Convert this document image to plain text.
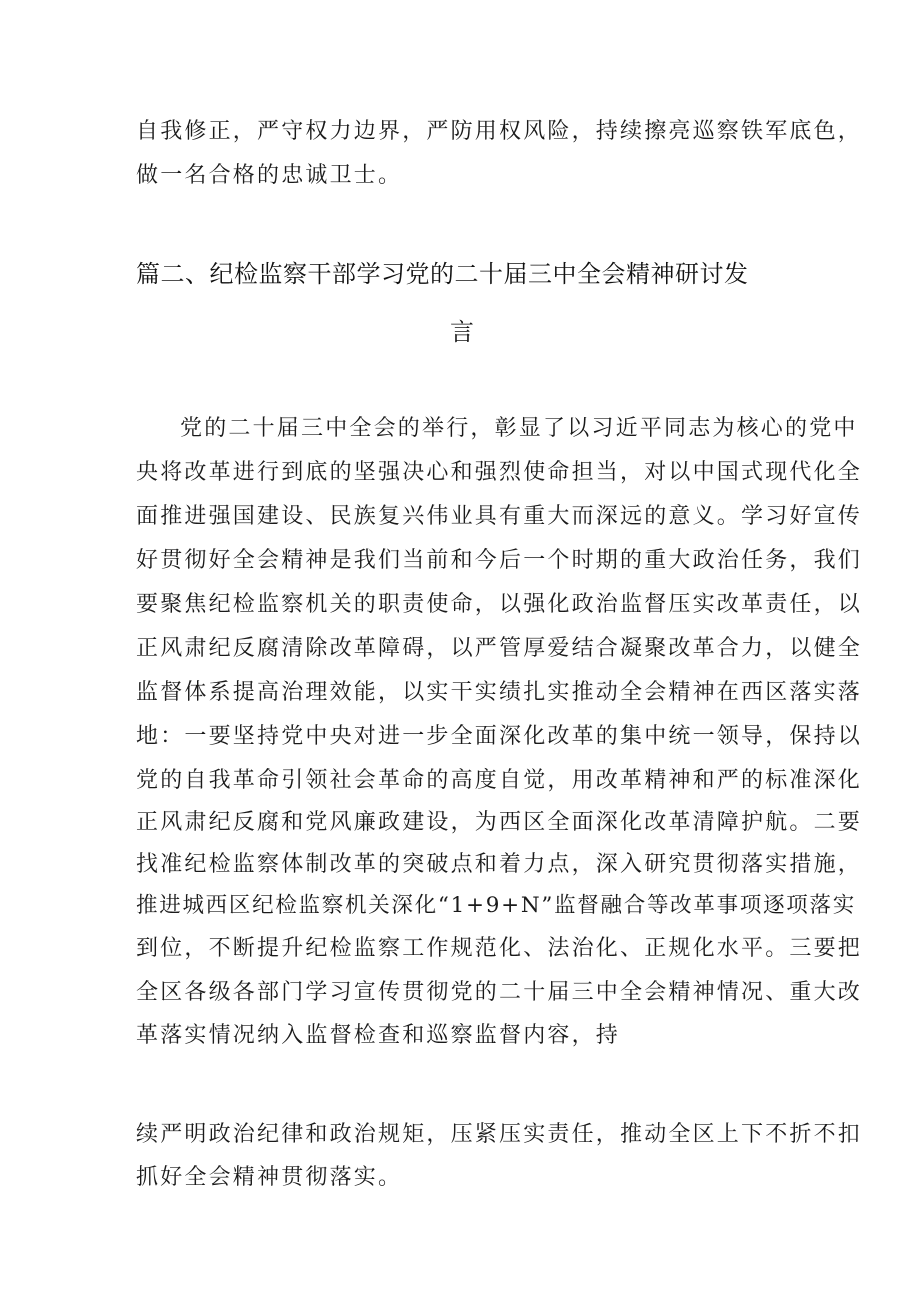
自我修正，严守权力边界，严防用权风险，持续擦亮巡察铁军底色，
做一名合格的忠诚卫士。
篇二、纪检监察干部学习党的二十届三中全会精神研讨发
言
党的二十届三中全会的举行，彰显了以习近平同志为核心的党中
央将改革进行到底的坚强决心和强烈使命担当，对以中国式现代化全
面推进强国建设、民族复兴伟业具有重大而深远的意义。学习好宣传
好贯彻好全会精神是我们当前和今后一个时期的重大政治任务，我们
要聚焦纪检监察机关的职责使命，以强化政治监督压实改革责任，以
正风肃纪反腐清除改革障碍，以严管厚爱结合凝聚改革合力，以健全
监督体系提高治理效能，以实干实绩扎实推动全会精神在西区落实落
地：一要坚持党中央对进一步全面深化改革的集中统一领导，保持以
党的自我革命引领社会革命的高度自觉，用改革精神和严的标准深化
正风肃纪反腐和党风廉政建设，为西区全面深化改革清障护航。二要
找准纪检监察体制改革的突破点和着力点，深入研究贯彻落实措施，
推进城西区纪检监察机关深化“1+9+N”监督融合等改革事项逐项落实
到位，不断提升纪检监察工作规范化、法治化、正规化水平。三要把
全区各级各部门学习宣传贯彻党的二十届三中全会精神情况、重大改
革落实情况纳入监督检查和巡察监督内容，持
续严明政治纪律和政治规矩，压紧压实责任，推动全区上下不折不扣
抓好全会精神贯彻落实。
